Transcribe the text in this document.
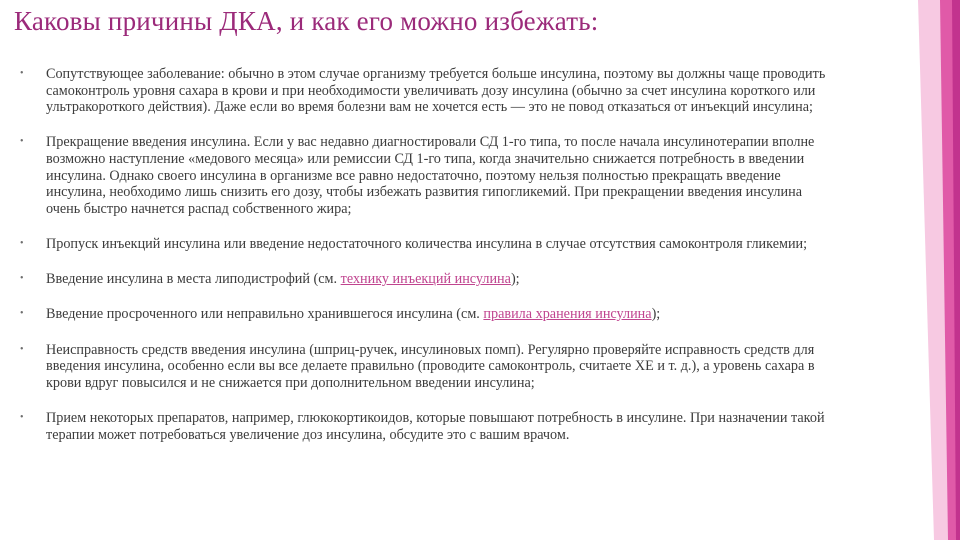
Каковы причины ДКА, и как его можно избежать:
• Сопутствующее заболевание: обычно в этом случае организму требуется больше инсулина, поэтому вы должны чаще проводить самоконтроль уровня сахара в крови и при необходимости увеличивать дозу инсулина (обычно за счет инсулина короткого или ультракороткого действия). Даже если во время болезни вам не хочется есть — это не повод отказаться от инъекций инсулина;
• Прекращение введения инсулина. Если у вас недавно диагностировали СД 1-го типа, то после начала инсулинотерапии вполне возможно наступление «медового месяца» или ремиссии СД 1-го типа, когда значительно снижается потребность в введении инсулина. Однако своего инсулина в организме все равно недостаточно, поэтому нельзя полностью прекращать введение инсулина, необходимо лишь снизить его дозу, чтобы избежать развития гипогликемий. При прекращении введения инсулина очень быстро начнется распад собственного жира;
• Пропуск инъекций инсулина или введение недостаточного количества инсулина в случае отсутствия самоконтроля гликемии;
• Введение инсулина в места липодистрофий (см. технику инъекций инсулина);
• Введение просроченного или неправильно хранившегося инсулина (см. правила хранения инсулина);
• Неисправность средств введения инсулина (шприц-ручек, инсулиновых помп). Регулярно проверяйте исправность средств для введения инсулина, особенно если вы все делаете правильно (проводите самоконтроль, считаете ХЕ и т. д.), а уровень сахара в крови вдруг повысился и не снижается при дополнительном введении инсулина;
• Прием некоторых препаратов, например, глюкокортикоидов, которые повышают потребность в инсулине. При назначении такой терапии может потребоваться увеличение доз инсулина, обсудите это с вашим врачом.
